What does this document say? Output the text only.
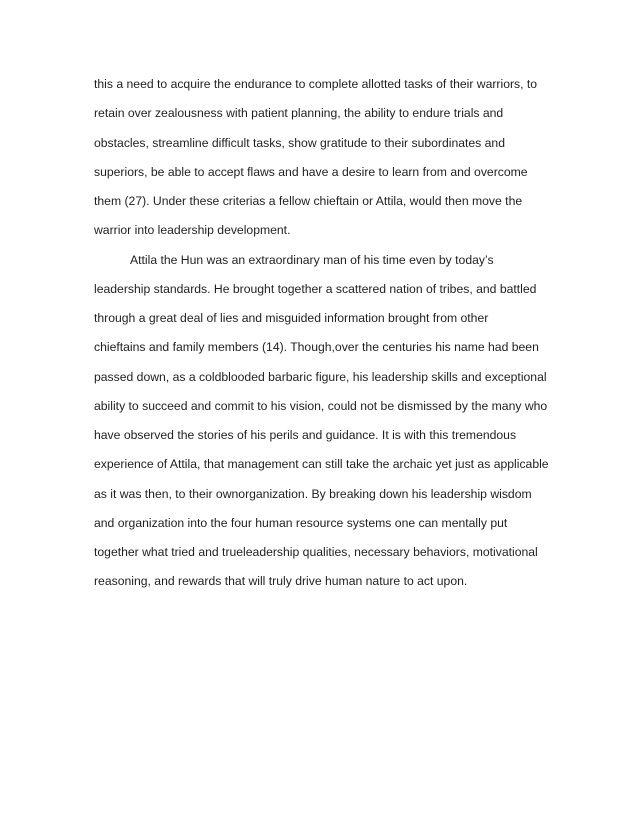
this a need to acquire the endurance to complete allotted tasks of their warriors, to
retain over zealousness with patient planning, the ability to endure trials and
obstacles, streamline difficult tasks, show gratitude to their subordinates and
superiors, be able to accept flaws and have a desire to learn from and overcome
them (27). Under these criterias a fellow chieftain or Attila, would then move the
warrior into leadership development.
Attila the Hun was an extraordinary man of his time even by today’s
leadership standards. He brought together a scattered nation of tribes, and battled
through a great deal of lies and misguided information brought from other
chieftains and family members (14). Though,over the centuries his name had been
passed down, as a coldblooded barbaric figure, his leadership skills and exceptional
ability to succeed and commit to his vision, could not be dismissed by the many who
have observed the stories of his perils and guidance. It is with this tremendous
experience of Attila, that management can still take the archaic yet just as applicable
as it was then, to their ownorganization. By breaking down his leadership wisdom
and organization into the four human resource systems one can mentally put
together what tried and trueleadership qualities, necessary behaviors, motivational
reasoning, and rewards that will truly drive human nature to act upon.
